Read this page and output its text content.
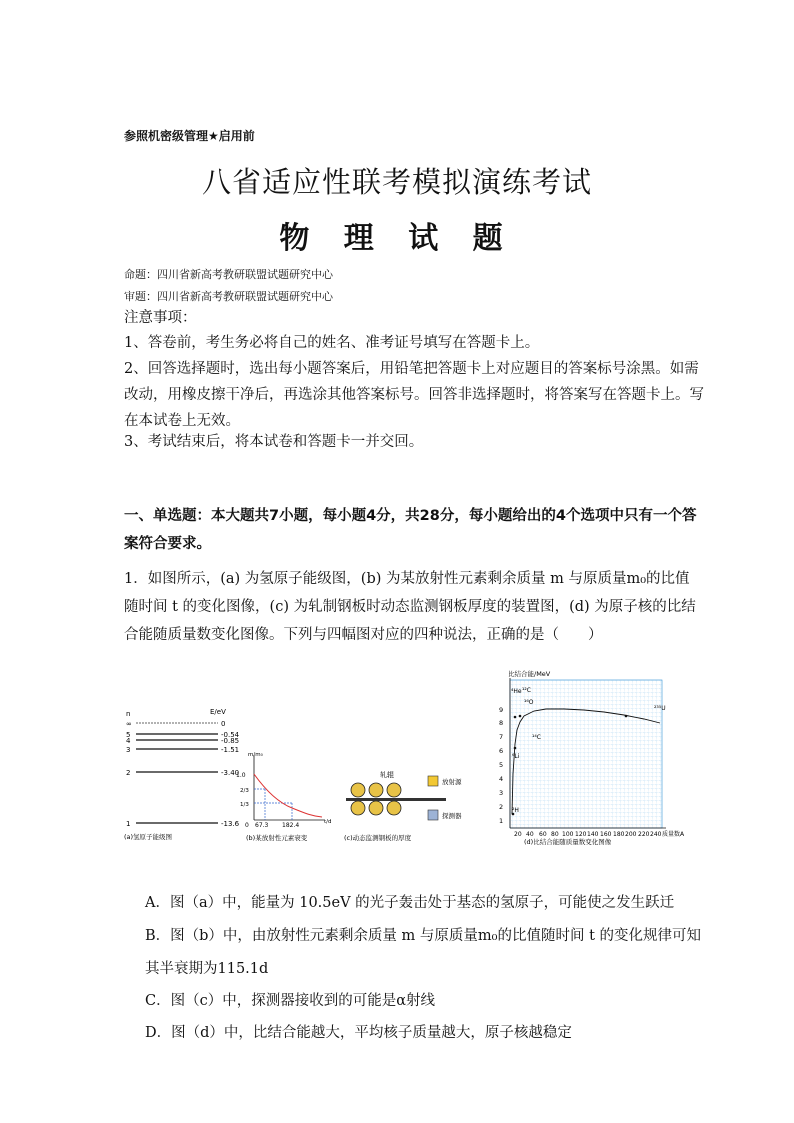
参照机密级管理★启用前
八省适应性联考模拟演练考试
物 理 试 题
命题：四川省新高考教研联盟试题研究中心
审题：四川省新高考教研联盟试题研究中心
注意事项：
1、答卷前，考生务必将自己的姓名、准考证号填写在答题卡上。
2、回答选择题时，选出每小题答案后，用铅笔把答题卡上对应题目的答案标号涂黑。如需改动，用橡皮擦干净后，再选涂其他答案标号。回答非选择题时，将答案写在答题卡上。写在本试卷上无效。
3、考试结束后，将本试卷和答题卡一并交回。
一、单选题：本大题共7小题，每小题4分，共28分，每小题给出的4个选项中只有一个答案符合要求。
1．如图所示，(a) 为氢原子能级图，(b) 为某放射性元素剩余质量 m 与原质量m₀的比值随时间 t 的变化图像，(c) 为轧制钢板时动态监测钢板厚度的装置图，(d) 为原子核的比结合能随质量数变化图像。下列与四幅图对应的四种说法，正确的是（　　）
n	E/eV
∞	0
5	-0.54
4	-0.85
3	-1.51
2	-3.40
1	-13.6
(a)氢原子能级图
m/m₀
t/d
1.0
2/3
1/3
0 67.3 182.4
(b)某放射性元素衰变
轧辊
放射源
探测器
(c)动态监测钢板的厚度
比结合能/MeV
9
8
7
6
5
4
3
2
1
20 40 60 80 100 120 140 160 180 200 220 240 质量数A
⁴He ¹²C
¹⁶O
⁶Li
²H
²³⁵U
¹⁴C
(d)比结合能随质量数变化图像
A．图（a）中，能量为 10.5eV 的光子轰击处于基态的氢原子，可能使之发生跃迁
B．图（b）中，由放射性元素剩余质量 m 与原质量m₀的比值随时间 t 的变化规律可知其半衰期为115.1d
C．图（c）中，探测器接收到的可能是α射线
D．图（d）中，比结合能越大，平均核子质量越大，原子核越稳定
